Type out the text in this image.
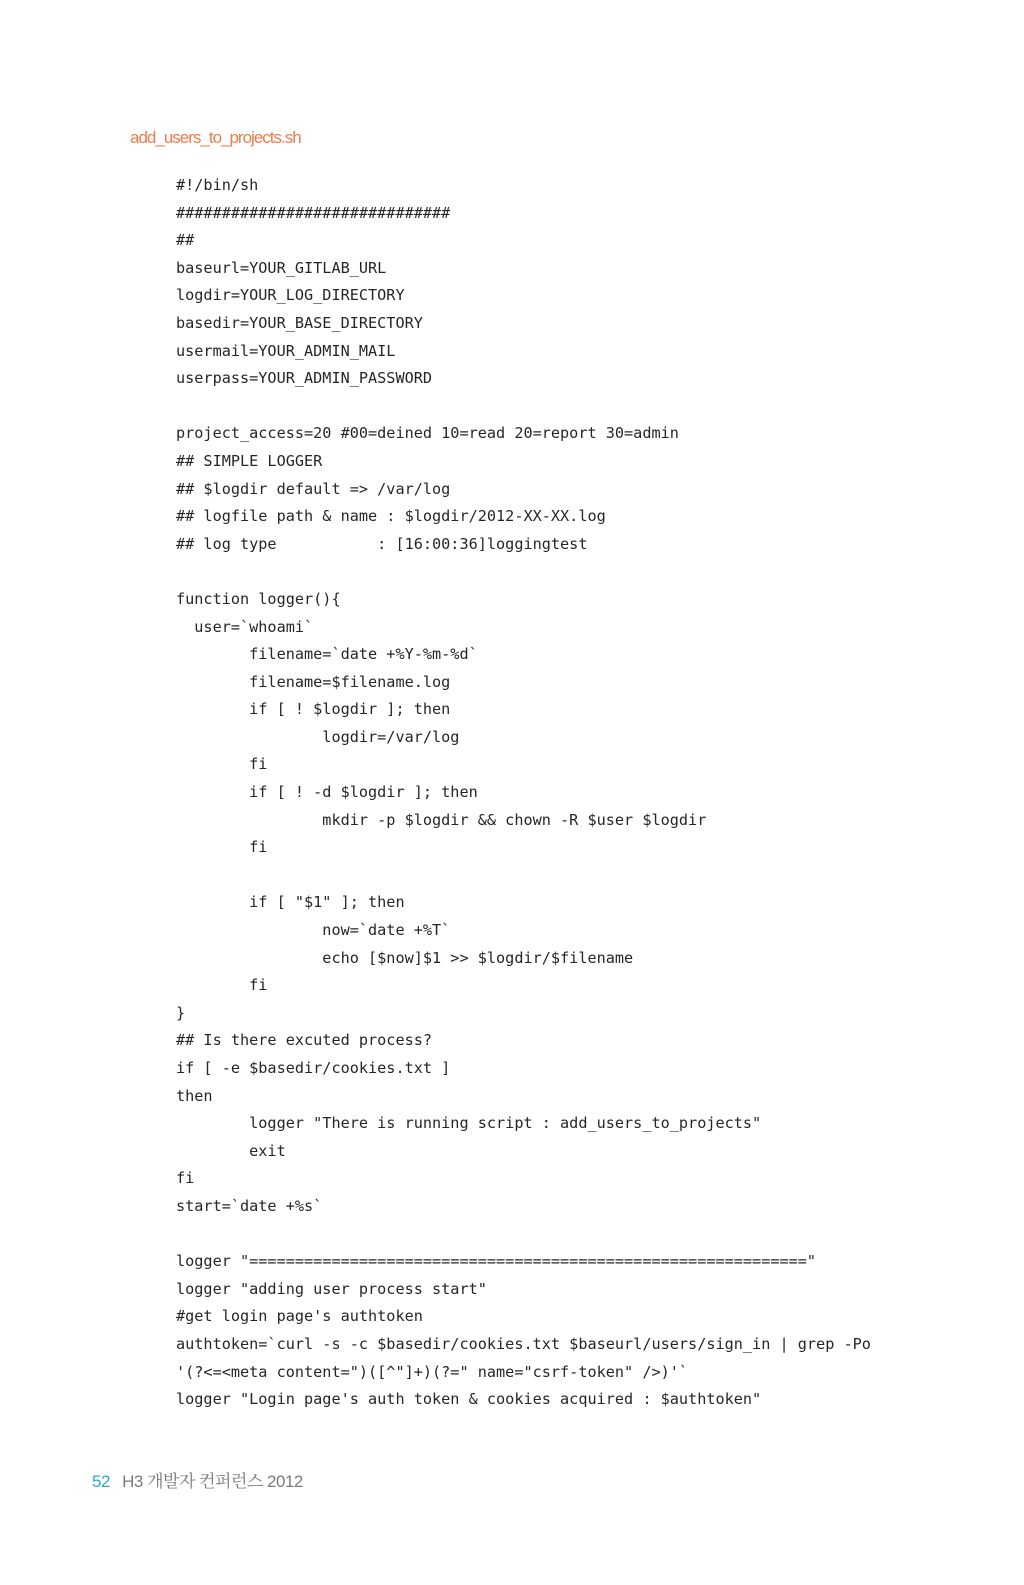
add_users_to_projects.sh
#!/bin/sh
##############################
##
baseurl=YOUR_GITLAB_URL
logdir=YOUR_LOG_DIRECTORY
basedir=YOUR_BASE_DIRECTORY
usermail=YOUR_ADMIN_MAIL
userpass=YOUR_ADMIN_PASSWORD
project_access=20 #00=deined 10=read 20=report 30=admin
## SIMPLE LOGGER
## $logdir default => /var/log
## logfile path & name : $logdir/2012-XX-XX.log
## log type           : [16:00:36]loggingtest
function logger(){
user=`whoami`
filename=`date +%Y-%m-%d`
filename=$filename.log
if [ ! $logdir ]; then
logdir=/var/log
fi
if [ ! -d $logdir ]; then
mkdir -p $logdir && chown -R $user $logdir
fi
if [ "$1" ]; then
now=`date +%T`
echo [$now]$1 >> $logdir/$filename
fi
}
## Is there excuted process?
if [ -e $basedir/cookies.txt ]
then
logger "There is running script : add_users_to_projects"
exit
fi
start=`date +%s`
logger "============================================================="
logger "adding user process start"
#get login page's authtoken
authtoken=`curl -s -c $basedir/cookies.txt $baseurl/users/sign_in | grep -Po
'(?<=<meta content=")([^"]+)(?=" name="csrf-token" />)'`
logger "Login page's auth token & cookies acquired : $authtoken"
52 H3 개발자 컨퍼런스 2012
